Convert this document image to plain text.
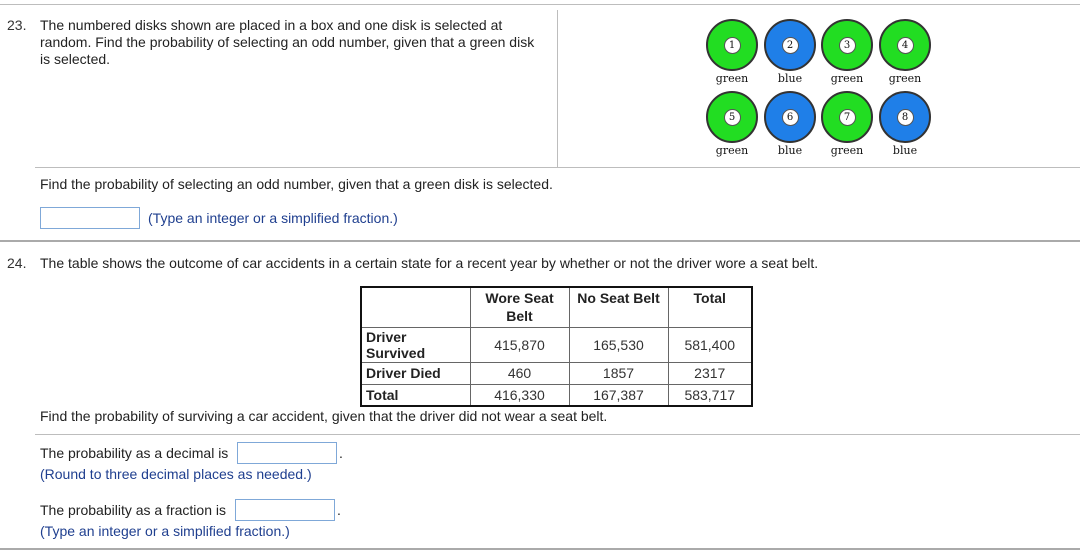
23. The numbered disks shown are placed in a box and one disk is selected at
random. Find the probability of selecting an odd number, given that a green disk
is selected.
1
green
2
blue
3
green
4
green
5
green
6
blue
7
green
8
blue
Find the probability of selecting an odd number, given that a green disk is selected.
(Type an integer or a simplified fraction.)
24. The table shows the outcome of car accidents in a certain state for a recent year by whether or not the driver wore a seat belt.

	Wore Seat Belt	No Seat Belt	Total
Driver Survived	415,870	165,530	581,400
Driver Died	460	1857	2317
Total	416,330	167,387	583,717
Find the probability of surviving a car accident, given that the driver did not wear a seat belt.
The probability as a decimal is	.
(Round to three decimal places as needed.)
The probability as a fraction is	.
(Type an integer or a simplified fraction.)
